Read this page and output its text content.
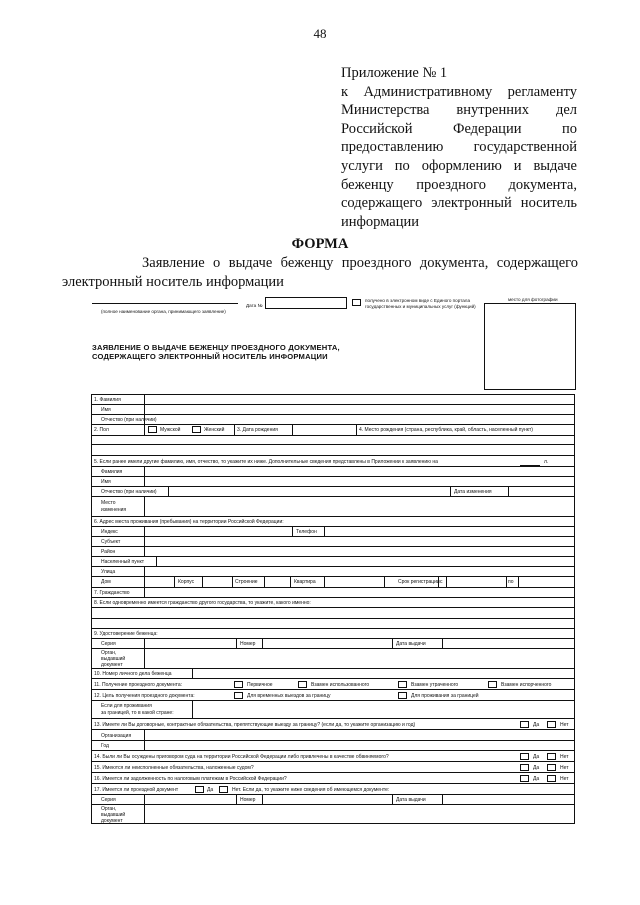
48
Приложение № 1
к Административному регламенту Министерства внутренних дел Российской Федерации по предоставлению государственной услуги по оформлению и выдаче беженцу проездного документа, содержащего электронный носитель информации
ФОРМА
Заявление о выдаче беженцу проездного документа, содержащего электронный носитель информации
(полное наименование органа, принимающего заявление)
Дата №
получено в электронном виде с Единого портала
государственных и муниципальных услуг (функций)
место для фотографии
ЗАЯВЛЕНИЕ О ВЫДАЧЕ БЕЖЕНЦУ ПРОЕЗДНОГО ДОКУМЕНТА,
СОДЕРЖАЩЕГО ЭЛЕКТРОННЫЙ НОСИТЕЛЬ ИНФОРМАЦИИ
1. Фамилия
Имя
Отчество (при наличии)
2. Пол	Мужской	Женский	3. Дата рождения	4. Место рождения (страна, республика, край, область, населенный пункт)
5. Если ранее имели другие фамилию, имя, отчество, то укажите их ниже. Дополнительные сведения представлены в Приложении к заявлению на	л.
Фамилия
Имя
Отчество (при наличии)	Дата изменения
Место
изменения
6. Адрес места проживания (пребывания) на территории Российской Федерации:
Индекс	Телефон
Субъект
Район
Населенный пункт
Улица
Дом	Корпус	Строение	Квартира	Срок регистрации с	по
7. Гражданство
8. Если одновременно имеется гражданство другого государства, то укажите, какого именно:
9. Удостоверение беженца:
Серия	Номер	Дата выдачи
Орган,
выдавший
документ
10. Номер личного дела беженца
11. Получение проездного документа:	Первичное	Взамен использованного	Взамен утраченного	Взамен испорченного
12. Цель получения проездного документа:	Для временных выездов за границу	Для проживания за границей
Если для проживания
за границей, то в какой стране:
13. Имеете ли Вы договорные, контрактные обязательства, препятствующие выезду за границу? (если да, то укажите организацию и год)	Да	Нет
Организация
Год
14. Были ли Вы осуждены приговором суда на территории Российской Федерации либо привлечены в качестве обвиняемого?	Да	Нет
15. Имеются ли неисполненные обязательства, наложенные судом?	Да	Нет
16. Имеется ли задолженность по налоговым платежам в Российской Федерации?	Да	Нет
17. Имеется ли проездной документ	Да	Нет. Если да, то укажите ниже сведения об имеющемся документе:
Серия	Номер	Дата выдачи
Орган,
выдавший
документ
